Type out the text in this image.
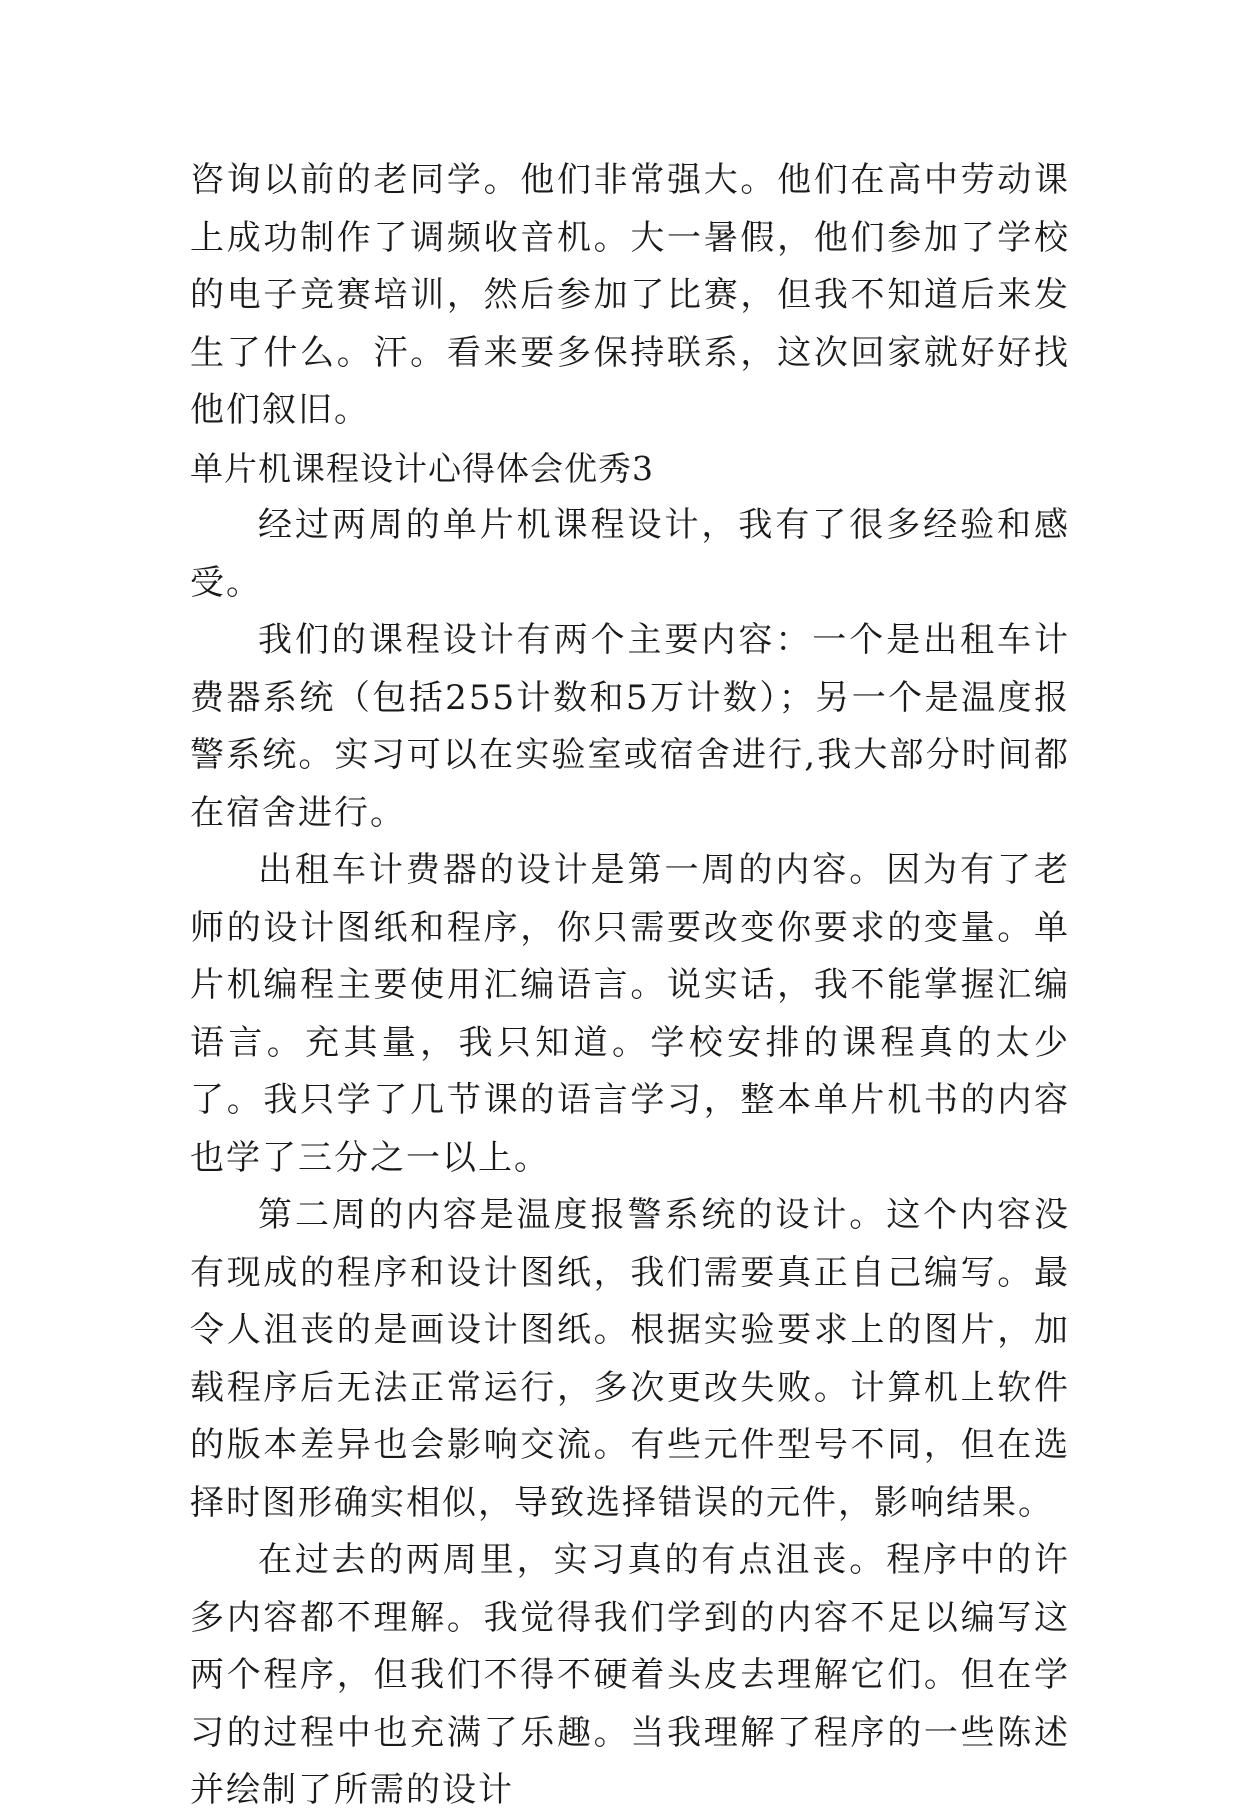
咨询以前的老同学。他们非常强大。他们在高中劳动课上成功制作了调频收音机。大一暑假，他们参加了学校的电子竞赛培训，然后参加了比赛，但我不知道后来发生了什么。汗。看来要多保持联系，这次回家就好好找他们叙旧。

单片机课程设计心得体会优秀3

经过两周的单片机课程设计，我有了很多经验和感受。

我们的课程设计有两个主要内容：一个是出租车计费器系统（包括255计数和5万计数）；另一个是温度报警系统。实习可以在实验室或宿舍进行,我大部分时间都在宿舍进行。

出租车计费器的设计是第一周的内容。因为有了老师的设计图纸和程序，你只需要改变你要求的变量。单片机编程主要使用汇编语言。说实话，我不能掌握汇编语言。充其量，我只知道。学校安排的课程真的太少了。我只学了几节课的语言学习，整本单片机书的内容也学了三分之一以上。

第二周的内容是温度报警系统的设计。这个内容没有现成的程序和设计图纸，我们需要真正自己编写。最令人沮丧的是画设计图纸。根据实验要求上的图片，加载程序后无法正常运行，多次更改失败。计算机上软件的版本差异也会影响交流。有些元件型号不同，但在选择时图形确实相似，导致选择错误的元件，影响结果。

在过去的两周里，实习真的有点沮丧。程序中的许多内容都不理解。我觉得我们学到的内容不足以编写这两个程序，但我们不得不硬着头皮去理解它们。但在学习的过程中也充满了乐趣。当我理解了程序的一些陈述并绘制了所需的设计
